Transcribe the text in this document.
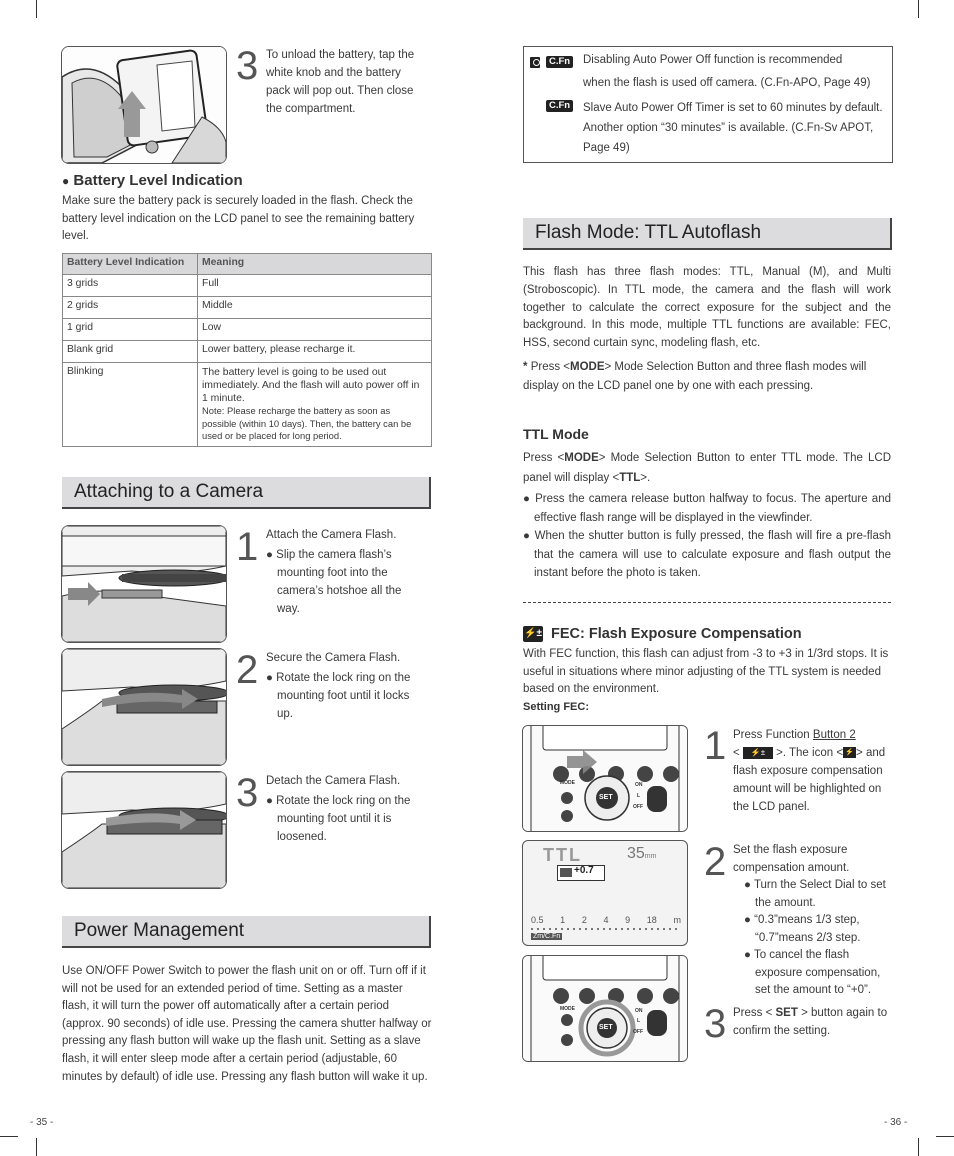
3 To unload the battery, tap the white knob and the battery pack will pop out. Then close the compartment.
● Battery Level Indication
Make sure the battery pack is securely loaded in the flash. Check the battery level indication on the LCD panel to see the remaining battery level.
Battery Level Indication	Meaning
3 grids	Full
2 grids	Middle
1 grid	Low
Blank grid	Lower battery, please recharge it.
Blinking	The battery level is going to be used out immediately. And the flash will auto power off in 1 minute.
Note: Please recharge the battery as soon as possible (within 10 days). Then, the battery can be used or be placed for long period.
Attaching to a Camera
1 Attach the Camera Flash.
● Slip the camera flash’s mounting foot into the camera’s hotshoe all the way.
2 Secure the Camera Flash.
● Rotate the lock ring on the mounting foot until it locks up.
3 Detach the Camera Flash.
● Rotate the lock ring on the mounting foot until it is loosened.
Power Management
Use ON/OFF Power Switch to power the flash unit on or off. Turn off if it will not be used for an extended period of time. Setting as a master flash, it will turn the power off automatically after a certain period (approx. 90 seconds) of idle use. Pressing the camera shutter halfway or pressing any flash button will wake up the flash unit. Setting as a slave flash, it will enter sleep mode after a certain period (adjustable, 60 minutes by default) of idle use. Pressing any flash button will wake it up.
- 35 -
C.Fn Disabling Auto Power Off function is recommended
when the flash is used off camera. (C.Fn-APO, Page 49)
C.Fn Slave Auto Power Off Timer is set to 60 minutes by default. Another option “30 minutes” is available. (C.Fn-Sv APOT, Page 49)
Flash Mode: TTL Autoflash
This flash has three flash modes: TTL, Manual (M), and Multi (Stroboscopic). In TTL mode, the camera and the flash will work together to calculate the correct exposure for the subject and the background. In this mode, multiple TTL functions are available: FEC, HSS, second curtain sync, modeling flash, etc.
* Press <MODE> Mode Selection Button and three flash modes will display on the LCD panel one by one with each pressing.
TTL Mode
Press <MODE> Mode Selection Button to enter TTL mode. The LCD panel will display <TTL>.
● Press the camera release button halfway to focus. The aperture and effective flash range will be displayed in the viewfinder.
● When the shutter button is fully pressed, the flash will fire a pre-flash that the camera will use to calculate exposure and flash output the instant before the photo is taken.
⚡± FEC: Flash Exposure Compensation
With FEC function, this flash can adjust from -3 to +3 in 1/3rd stops. It is useful in situations where minor adjusting of the TTL system is needed based on the environment.
Setting FEC:
MODE
SET
ON
L
OFF
TTL	35mm
+0.7
0.5 1 2 4 9 18 m
Zm/C.Fn
MODE
SET
ON
L
OFF
1 Press Function Button 2
< ⚡± >. The icon < ⚡ > and flash exposure compensation amount will be highlighted on the LCD panel.
2 Set the flash exposure compensation amount.
● Turn the Select Dial to set the amount.
● “0.3”means 1/3 step, “0.7”means 2/3 step.
● To cancel the flash exposure compensation, set the amount to “+0”.
3 Press < SET > button again to confirm the setting.
- 36 -
